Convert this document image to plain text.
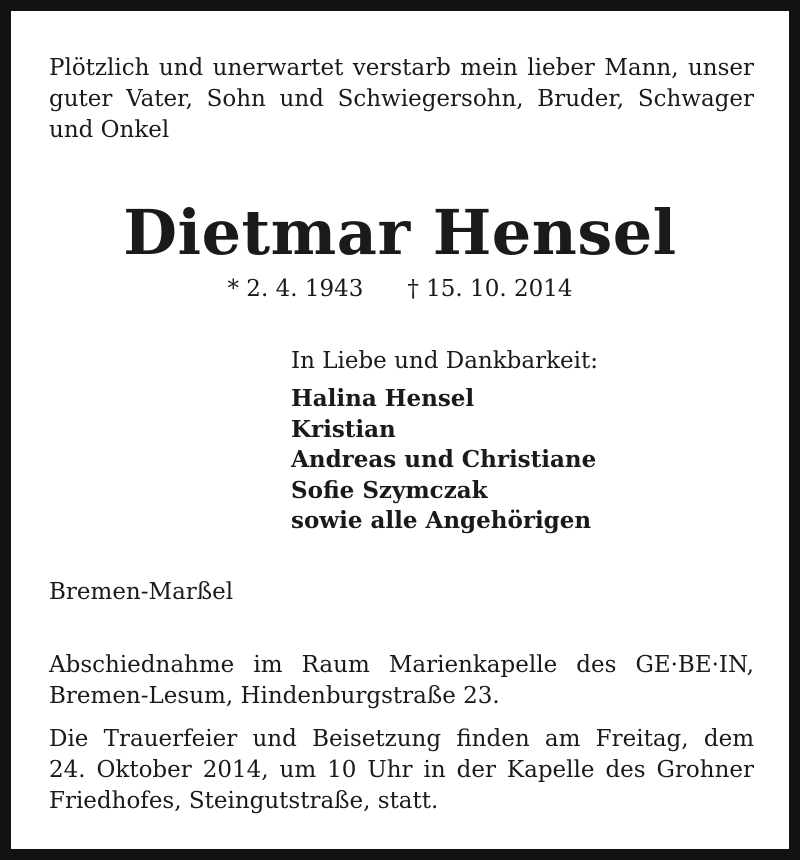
Plötzlich und unerwartet verstarb mein lieber Mann, unser
guter Vater, Sohn und Schwiegersohn, Bruder, Schwager
und Onkel
Dietmar Hensel
* 2. 4. 1943 † 15. 10. 2014
In Liebe und Dankbarkeit:
Halina Hensel
Kristian
Andreas und Christiane
Sofie Szymczak
sowie alle Angehörigen
Bremen-Marßel
Abschiednahme im Raum Marienkapelle des GE·BE·IN,
Bremen-Lesum, Hindenburgstraße 23.
Die Trauerfeier und Beisetzung finden am Freitag, dem
24. Oktober 2014, um 10 Uhr in der Kapelle des Grohner
Friedhofes, Steingutstraße, statt.
